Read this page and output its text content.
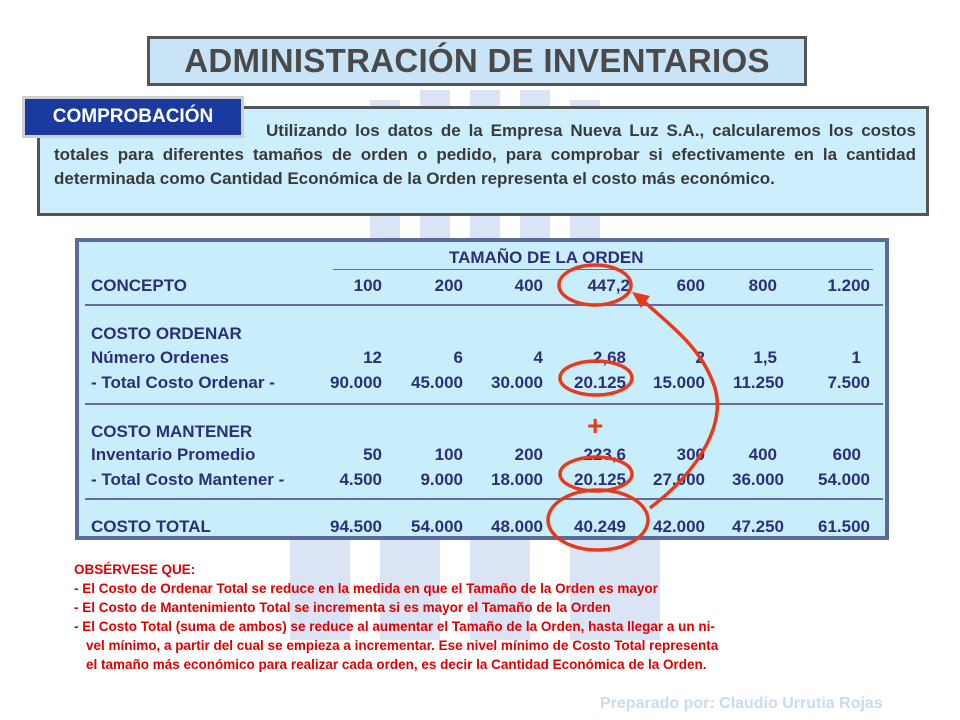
ADMINISTRACIÓN DE INVENTARIOS
Utilizando los datos de la Empresa Nueva Luz S.A., calcularemos los costos totales para diferentes tamaños de orden o pedido, para comprobar si efectivamente en la cantidad determinada como Cantidad Económica de la Orden representa el costo más económico.
COMPROBACIÓN
TAMAÑO DE LA ORDEN
CONCEPTO	100	200	400	447,2	600	800	1.200
COSTO ORDENAR
Número Ordenes	12	6	4	2,68	2	1,5	1
- Total Costo Ordenar -	90.000	45.000	30.000	20.125	15.000	11.250	7.500
COSTO MANTENER
Inventario Promedio	50	100	200	223,6	300	400	600
- Total Costo Mantener -	4.500	9.000	18.000	20.125	27.000	36.000	54.000
COSTO TOTAL	94.500	54.000	48.000	40.249	42.000	47.250	61.500
+
OBSÉRVESE QUE:
- El Costo de Ordenar Total se reduce en la medida en que el Tamaño de la Orden es mayor
- El Costo de Mantenimiento Total se incrementa si es mayor el Tamaño de la Orden
- El Costo Total (suma de ambos) se reduce al aumentar el Tamaño de la Orden, hasta llegar a un ni-
vel mínimo, a partir del cual se empieza a incrementar. Ese nivel mínimo de Costo Total representa
el tamaño más económico para realizar cada orden, es decir la Cantidad Económica de la Orden.
Preparado por: Claudio Urrutia Rojas
